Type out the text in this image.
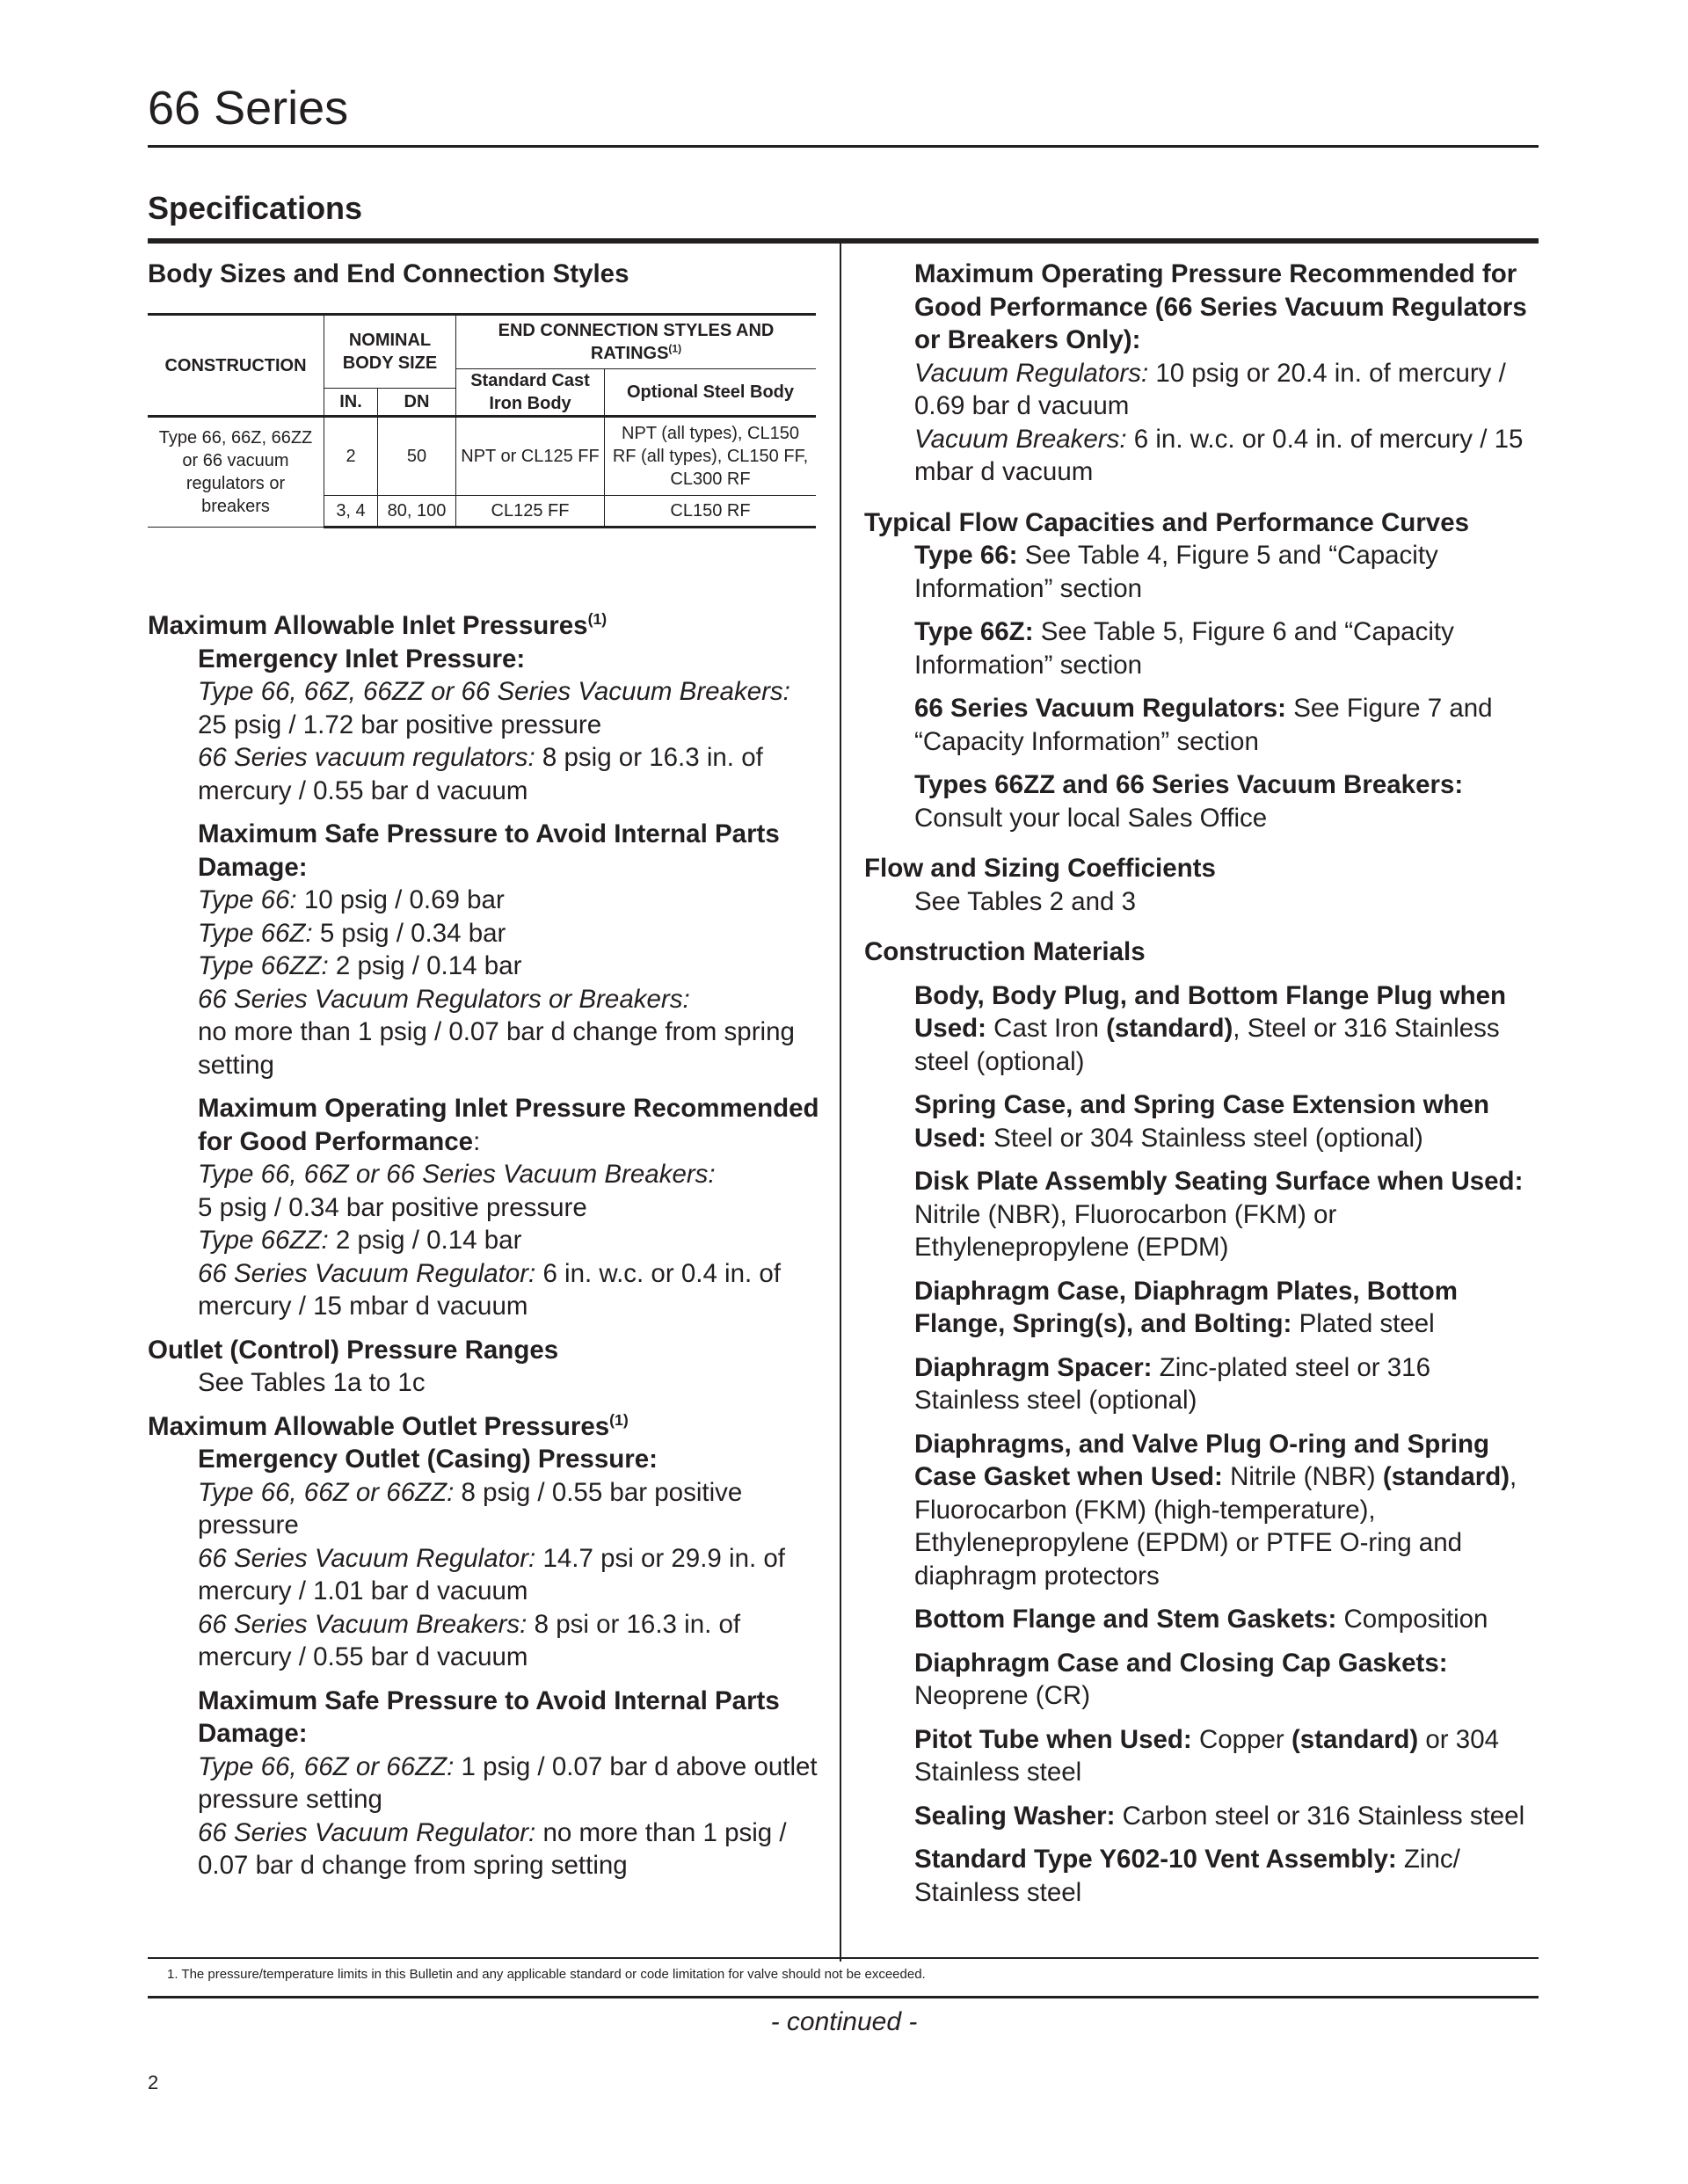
66 Series
Specifications

Body Sizes and End Connection Styles

CONSTRUCTION	NOMINAL BODY SIZE		END CONNECTION STYLES AND RATINGS$^{(1)}$
			Standard Cast Iron Body	Optional Steel Body
	IN.	DN		
Type 66, 66Z, 66ZZ or 66 vacuum regulators or breakers	2	50	NPT or CL125 FF	NPT (all types), CL150 RF (all types), CL150 FF, CL300 RF
	3, 4	80, 100	CL125 FF	CL150 RF

Maximum Allowable Inlet Pressures$^{(1)}$

Emergency Inlet Pressure:

Type 66, 66Z, 66ZZ or 66 Series Vacuum Breakers: 25 psig / 1.72 bar positive pressure

66 Series vacuum regulators: 8 psig or 16.3 in. of mercury / 0.55 bar d vacuum

Maximum Safe Pressure to Avoid Internal Parts Damage:

Type 66: 10 psig / 0.69 bar

Type 66Z: 5 psig / 0.34 bar

Type 66ZZ: 2 psig / 0.14 bar

66 Series Vacuum Regulators or Breakers:
no more than 1 psig / 0.07 bar d change from spring setting

Maximum Operating Inlet Pressure Recommended for Good Performance:

Type 66, 66Z or 66 Series Vacuum Breakers:
5 psig / 0.34 bar positive pressure

Type 66ZZ: 2 psig / 0.14 bar

66 Series Vacuum Regulator: 6 in. w.c. or 0.4 in. of mercury / 15 mbar d vacuum

Outlet (Control) Pressure Ranges

See Tables 1a to 1c

Maximum Allowable Outlet Pressures$^{(1)}$

Emergency Outlet (Casing) Pressure:

Type 66, 66Z or 66ZZ: 8 psig / 0.55 bar positive pressure

66 Series Vacuum Regulator: 14.7 psi or 29.9 in. of mercury / 1.01 bar d vacuum

66 Series Vacuum Breakers: 8 psi or 16.3 in. of mercury / 0.55 bar d vacuum

Maximum Safe Pressure to Avoid Internal Parts Damage:

Type 66, 66Z or 66ZZ: 1 psig / 0.07 bar d above outlet pressure setting

66 Series Vacuum Regulator: no more than 1 psig / 0.07 bar d change from spring setting

Maximum Operating Pressure Recommended for Good Performance (66 Series Vacuum Regulators or Breakers Only):

Vacuum Regulators: 10 psig or 20.4 in. of mercury / 0.69 bar d vacuum

Vacuum Breakers: 6 in. w.c. or 0.4 in. of mercury / 15 mbar d vacuum

Typical Flow Capacities and Performance Curves

Type 66: See Table 4, Figure 5 and “Capacity Information” section

Type 66Z: See Table 5, Figure 6 and “Capacity Information” section

66 Series Vacuum Regulators: See Figure 7 and “Capacity Information” section

Types 66ZZ and 66 Series Vacuum Breakers:
Consult your local Sales Office

Flow and Sizing Coefficients

See Tables 2 and 3

Construction Materials

Body, Body Plug, and Bottom Flange Plug when Used: Cast Iron (standard), Steel or 316 Stainless steel (optional)

Spring Case, and Spring Case Extension when Used: Steel or 304 Stainless steel (optional)

Disk Plate Assembly Seating Surface when Used:
Nitrile (NBR), Fluorocarbon (FKM) or Ethylenepropylene (EPDM)

Diaphragm Case, Diaphragm Plates, Bottom Flange, Spring(s), and Bolting: Plated steel

Diaphragm Spacer: Zinc-plated steel or 316 Stainless steel (optional)

Diaphragms, and Valve Plug O-ring and Spring Case Gasket when Used: Nitrile (NBR) (standard), Fluorocarbon (FKM) (high-temperature), Ethylenepropylene (EPDM) or PTFE O-ring and diaphragm protectors

Bottom Flange and Stem Gaskets: Composition

Diaphragm Case and Closing Cap Gaskets:
Neoprene (CR)

Pitot Tube when Used: Copper (standard) or 304 Stainless steel

Sealing Washer: Carbon steel or 316 Stainless steel

Standard Type Y602-10 Vent Assembly: Zinc/ Stainless steel

1. The pressure/temperature limits in this Bulletin and any applicable standard or code limitation for valve should not be exceeded.
- continued -
2
